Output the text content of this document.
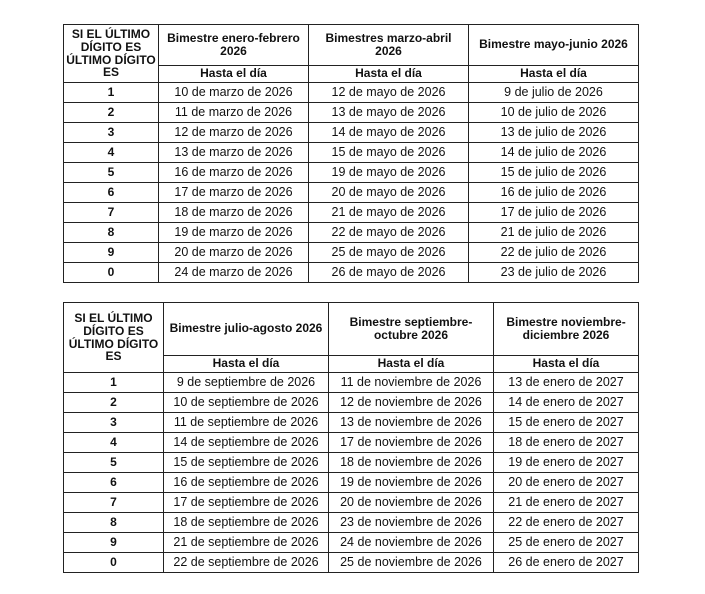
SI EL ÚLTIMO DÍGITO ES ÚLTIMO DÍGITO ES	Bimestre enero-febrero 2026	Bimestres marzo-abril 2026	Bimestre mayo-junio 2026
	Hasta el día	Hasta el día	Hasta el día
1	10 de marzo de 2026	12 de mayo de 2026	9 de julio de 2026
2	11 de marzo de 2026	13 de mayo de 2026	10 de julio de 2026
3	12 de marzo de 2026	14 de mayo de 2026	13 de julio de 2026
4	13 de marzo de 2026	15 de mayo de 2026	14 de julio de 2026
5	16 de marzo de 2026	19 de mayo de 2026	15 de julio de 2026
6	17 de marzo de 2026	20 de mayo de 2026	16 de julio de 2026
7	18 de marzo de 2026	21 de mayo de 2026	17 de julio de 2026
8	19 de marzo de 2026	22 de mayo de 2026	21 de julio de 2026
9	20 de marzo de 2026	25 de mayo de 2026	22 de julio de 2026
0	24 de marzo de 2026	26 de mayo de 2026	23 de julio de 2026
SI EL ÚLTIMO DÍGITO ES ÚLTIMO DÍGITO ES	Bimestre julio-agosto 2026	Bimestre septiembre-octubre 2026	Bimestre noviembre-diciembre 2026
	Hasta el día	Hasta el día	Hasta el día
1	9 de septiembre de 2026	11 de noviembre de 2026	13 de enero de 2027
2	10 de septiembre de 2026	12 de noviembre de 2026	14 de enero de 2027
3	11 de septiembre de 2026	13 de noviembre de 2026	15 de enero de 2027
4	14 de septiembre de 2026	17 de noviembre de 2026	18 de enero de 2027
5	15 de septiembre de 2026	18 de noviembre de 2026	19 de enero de 2027
6	16 de septiembre de 2026	19 de noviembre de 2026	20 de enero de 2027
7	17 de septiembre de 2026	20 de noviembre de 2026	21 de enero de 2027
8	18 de septiembre de 2026	23 de noviembre de 2026	22 de enero de 2027
9	21 de septiembre de 2026	24 de noviembre de 2026	25 de enero de 2027
0	22 de septiembre de 2026	25 de noviembre de 2026	26 de enero de 2027
